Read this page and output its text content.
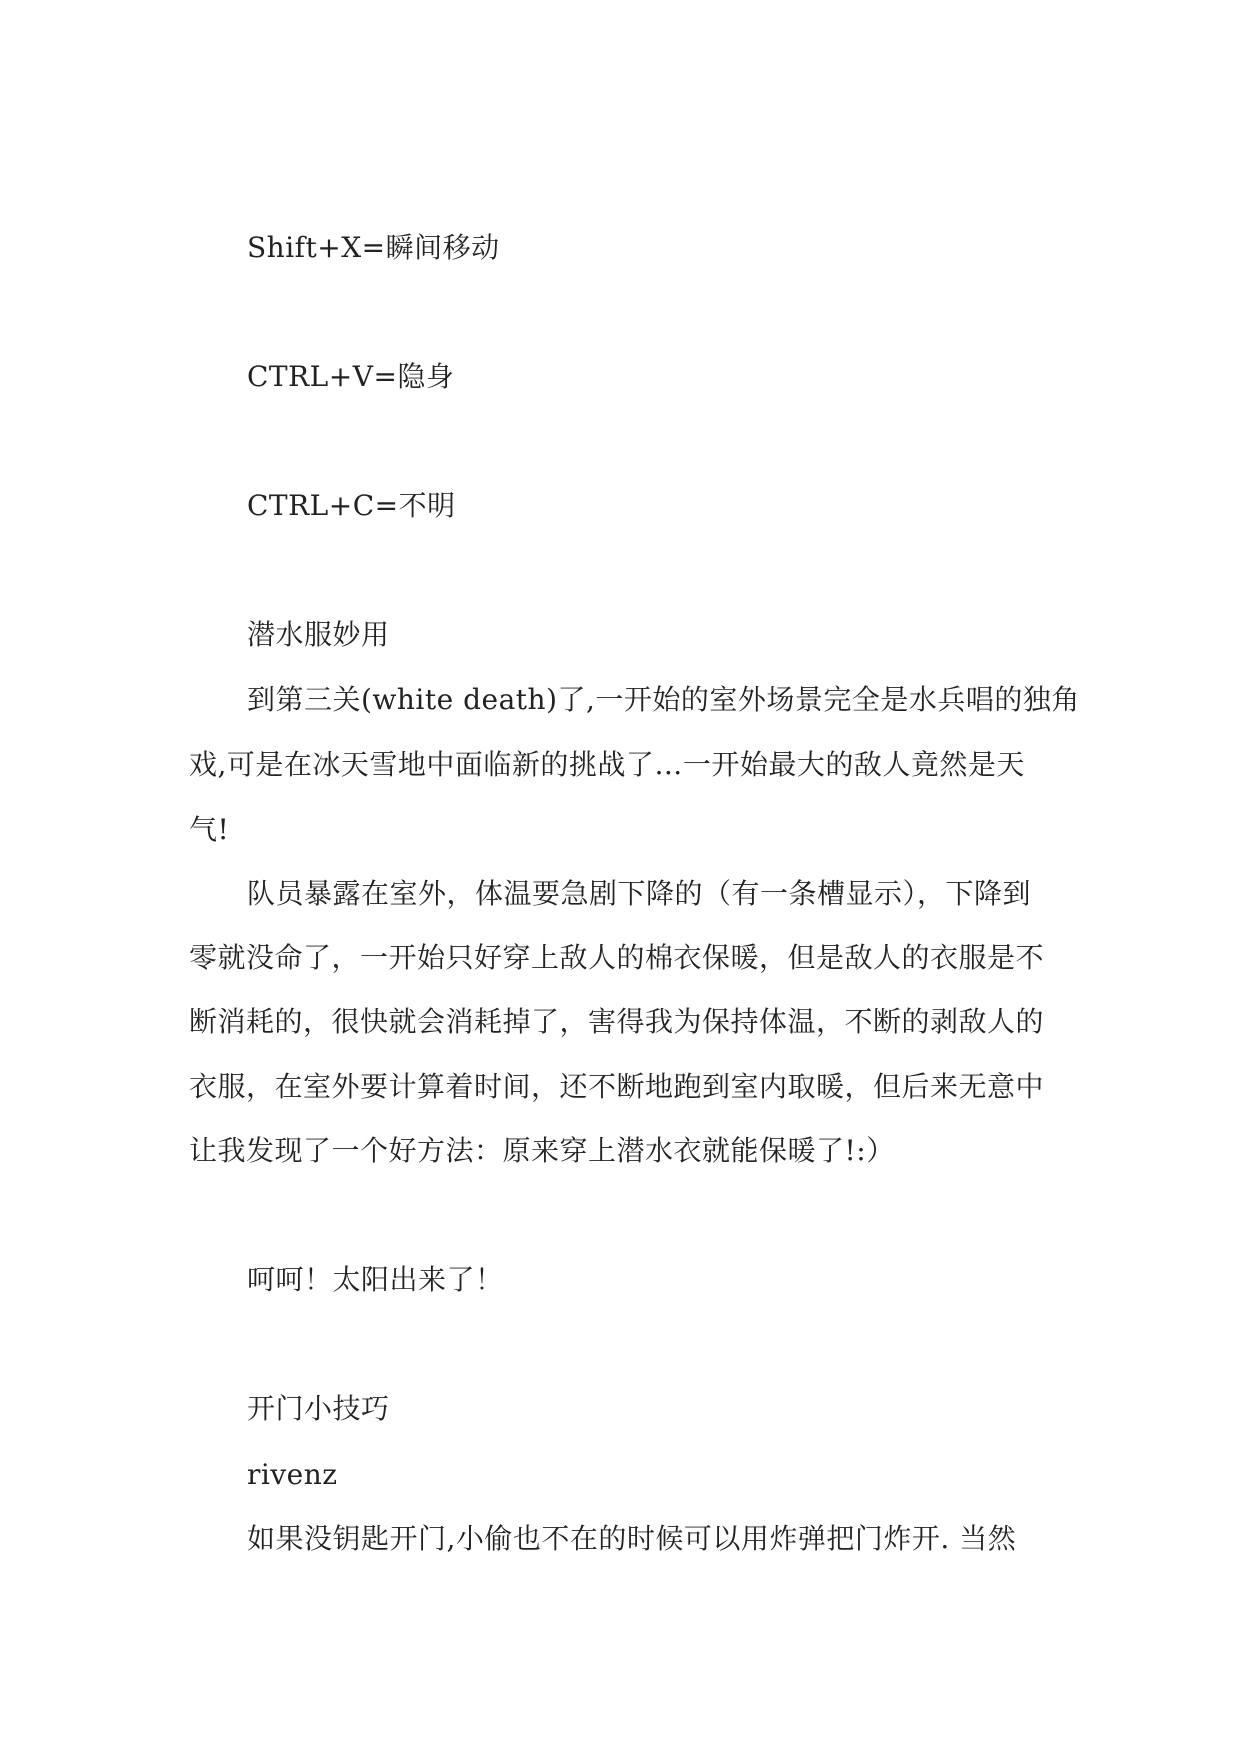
Shift+X=瞬间移动
CTRL+V=隐身
CTRL+C=不明
潜水服妙用
到第三关(white death)了,一开始的室外场景完全是水兵唱的独角
戏,可是在冰天雪地中面临新的挑战了…一开始最大的敌人竟然是天
气!
队员暴露在室外，体温要急剧下降的（有一条槽显示），下降到
零就没命了，一开始只好穿上敌人的棉衣保暖，但是敌人的衣服是不
断消耗的，很快就会消耗掉了，害得我为保持体温，不断的剥敌人的
衣服，在室外要计算着时间，还不断地跑到室内取暖，但后来无意中
让我发现了一个好方法：原来穿上潜水衣就能保暖了!:）
呵呵！太阳出来了！
开门小技巧
rivenz
如果没钥匙开门,小偷也不在的时候可以用炸弹把门炸开. 当然
